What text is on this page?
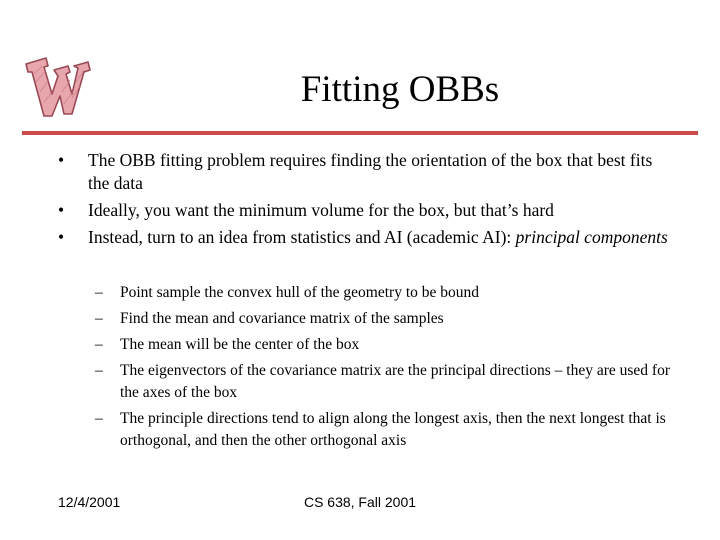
Fitting OBBs
• The OBB fitting problem requires finding the orientation of the box that best fits the data
• Ideally, you want the minimum volume for the box, but that’s hard
• Instead, turn to an idea from statistics and AI (academic AI): principal components
– Point sample the convex hull of the geometry to be bound
– Find the mean and covariance matrix of the samples
– The mean will be the center of the box
– The eigenvectors of the covariance matrix are the principal directions – they are used for the axes of the box
– The principle directions tend to align along the longest axis, then the next longest that is orthogonal, and then the other orthogonal axis
12/4/2001	CS 638, Fall 2001
